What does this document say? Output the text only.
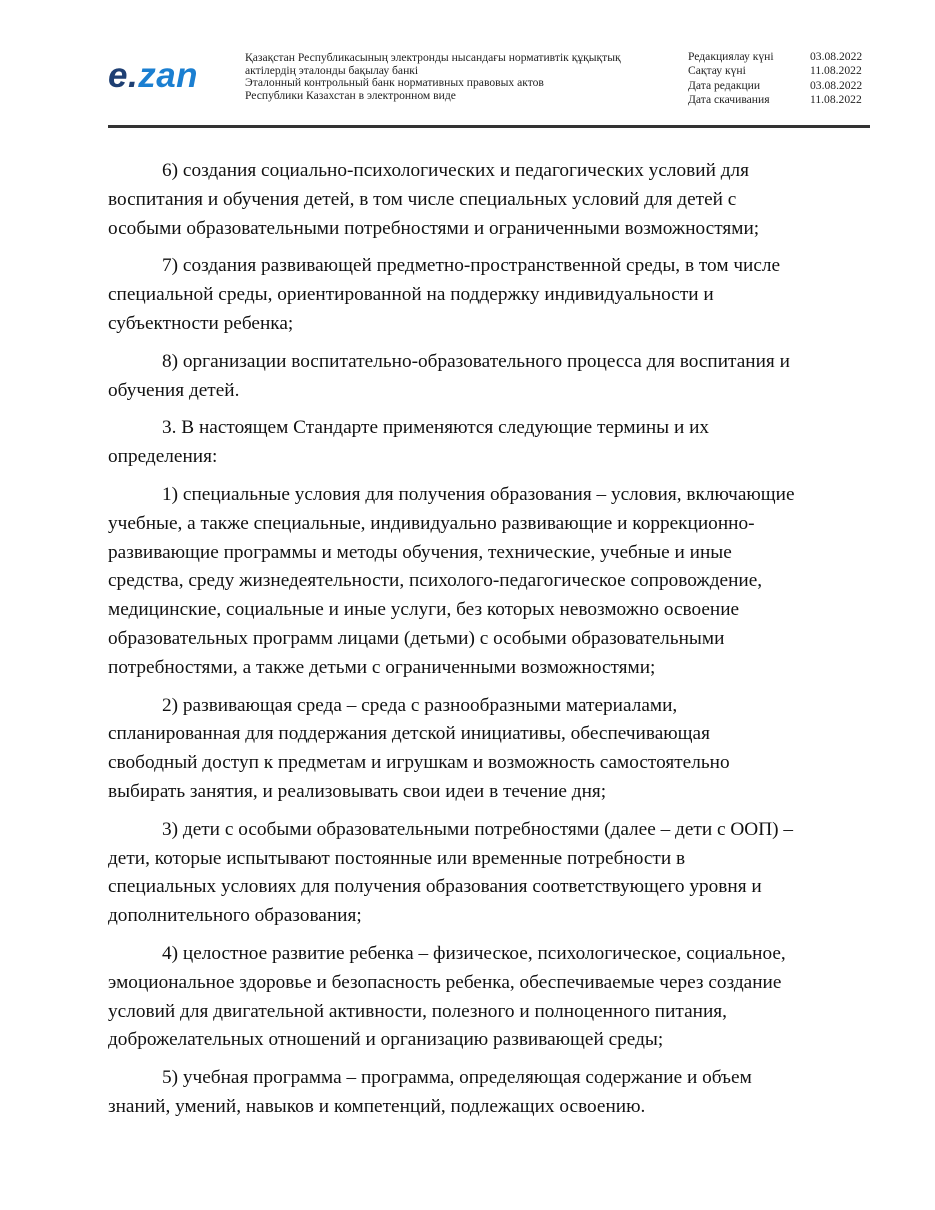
e.zan	Қазақстан Республикасының электронды нысандағы нормативтік құқықтық
актілердің эталонды бақылау банкі
Эталонный контрольный банк нормативных правовых актов
Республики Казахстан в электронном виде
Редакциялау күні	03.08.2022
Сақтау күні	11.08.2022
Дата редакции	03.08.2022
Дата скачивания	11.08.2022
6) создания социально-психологических и педагогических условий для
воспитания и обучения детей, в том числе специальных условий для детей с
особыми образовательными потребностями и ограниченными возможностями;
7) создания развивающей предметно-пространственной среды, в том числе
специальной среды, ориентированной на поддержку индивидуальности и
субъектности ребенка;
8) организации воспитательно-образовательного процесса для воспитания и
обучения детей.
3. В настоящем Стандарте применяются следующие термины и их
определения:
1) специальные условия для получения образования – условия, включающие
учебные, а также специальные, индивидуально развивающие и коррекционно-
развивающие программы и методы обучения, технические, учебные и иные
средства, среду жизнедеятельности, психолого-педагогическое сопровождение,
медицинские, социальные и иные услуги, без которых невозможно освоение
образовательных программ лицами (детьми) с особыми образовательными
потребностями, а также детьми с ограниченными возможностями;
2) развивающая среда – среда с разнообразными материалами,
спланированная для поддержания детской инициативы, обеспечивающая
свободный доступ к предметам и игрушкам и возможность самостоятельно
выбирать занятия, и реализовывать свои идеи в течение дня;
3) дети с особыми образовательными потребностями (далее – дети с ООП) –
дети, которые испытывают постоянные или временные потребности в
специальных условиях для получения образования соответствующего уровня и
дополнительного образования;
4) целостное развитие ребенка – физическое, психологическое, социальное,
эмоциональное здоровье и безопасность ребенка, обеспечиваемые через создание
условий для двигательной активности, полезного и полноценного питания,
доброжелательных отношений и организацию развивающей среды;
5) учебная программа – программа, определяющая содержание и объем
знаний, умений, навыков и компетенций, подлежащих освоению.
